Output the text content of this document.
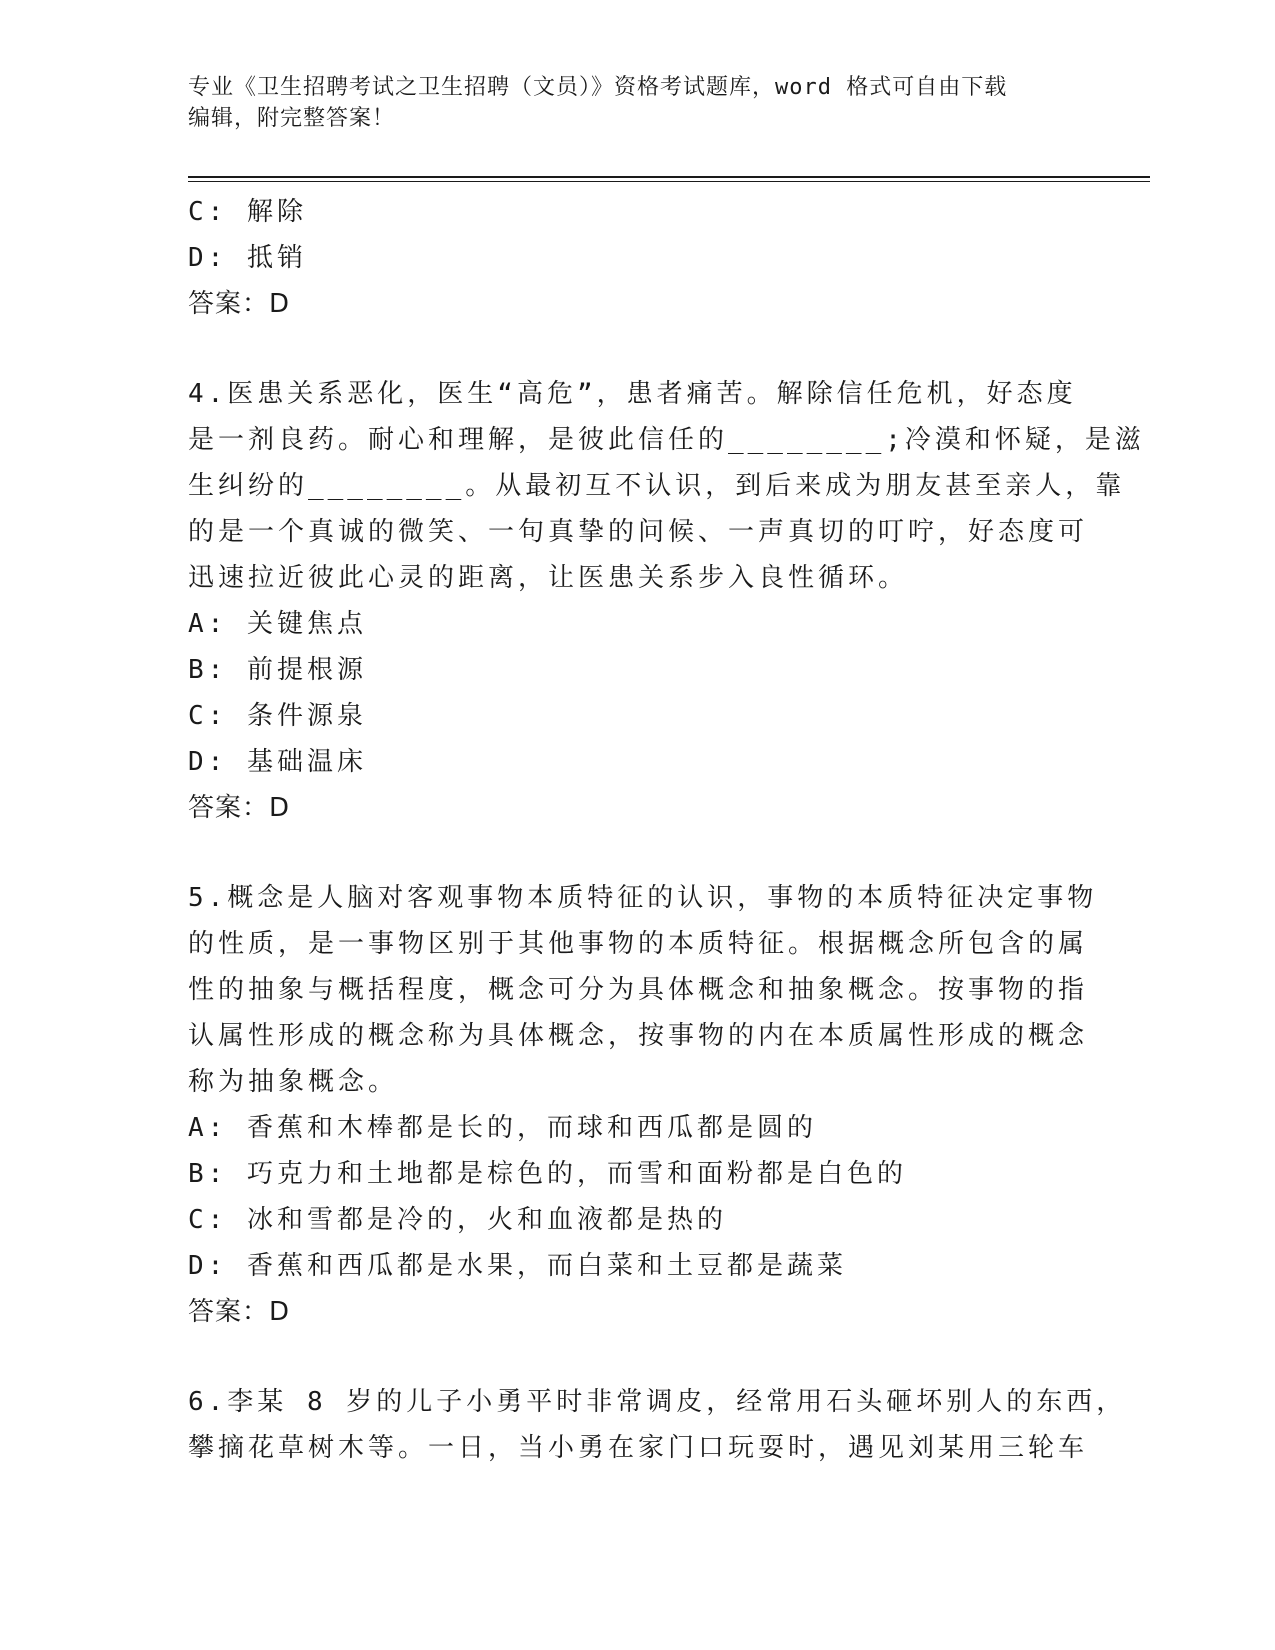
专业《卫生招聘考试之卫生招聘（文员）》资格考试题库，word 格式可自由下载
编辑，附完整答案！
C: 解除
D: 抵销
答案：D
4.医患关系恶化，医生“高危”，患者痛苦。解除信任危机，好态度
是一剂良药。耐心和理解，是彼此信任的________;冷漠和怀疑，是滋
生纠纷的________。从最初互不认识，到后来成为朋友甚至亲人，靠
的是一个真诚的微笑、一句真挚的问候、一声真切的叮咛，好态度可
迅速拉近彼此心灵的距离，让医患关系步入良性循环。
A: 关键焦点
B: 前提根源
C: 条件源泉
D: 基础温床
答案：D
5.概念是人脑对客观事物本质特征的认识，事物的本质特征决定事物
的性质，是一事物区别于其他事物的本质特征。根据概念所包含的属
性的抽象与概括程度，概念可分为具体概念和抽象概念。按事物的指
认属性形成的概念称为具体概念，按事物的内在本质属性形成的概念
称为抽象概念。
A: 香蕉和木棒都是长的，而球和西瓜都是圆的
B: 巧克力和土地都是棕色的，而雪和面粉都是白色的
C: 冰和雪都是冷的，火和血液都是热的
D: 香蕉和西瓜都是水果，而白菜和土豆都是蔬菜
答案：D
6.李某 8 岁的儿子小勇平时非常调皮，经常用石头砸坏别人的东西，
攀摘花草树木等。一日，当小勇在家门口玩耍时，遇见刘某用三轮车
